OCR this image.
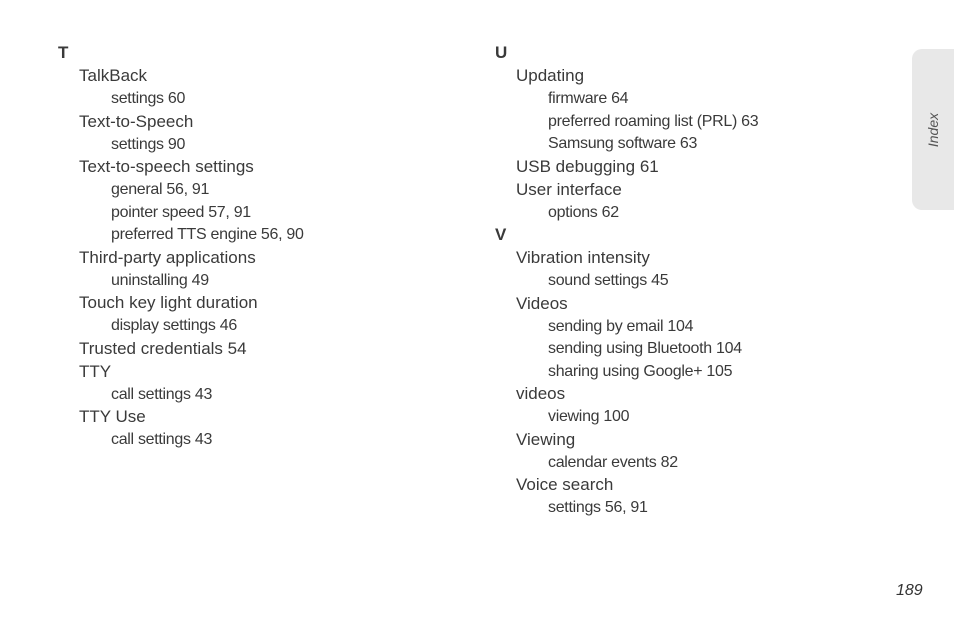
T
TalkBack
settings 60
Text-to-Speech
settings 90
Text-to-speech settings
general 56, 91
pointer speed 57, 91
preferred TTS engine 56, 90
Third-party applications
uninstalling 49
Touch key light duration
display settings 46
Trusted credentials 54
TTY
call settings 43
TTY Use
call settings 43
U
Updating
firmware 64
preferred roaming list (PRL) 63
Samsung software 63
USB debugging 61
User interface
options 62
V
Vibration intensity
sound settings 45
Videos
sending by email 104
sending using Bluetooth 104
sharing using Google+ 105
videos
viewing 100
Viewing
calendar events 82
Voice search
settings 56, 91
Index
189
